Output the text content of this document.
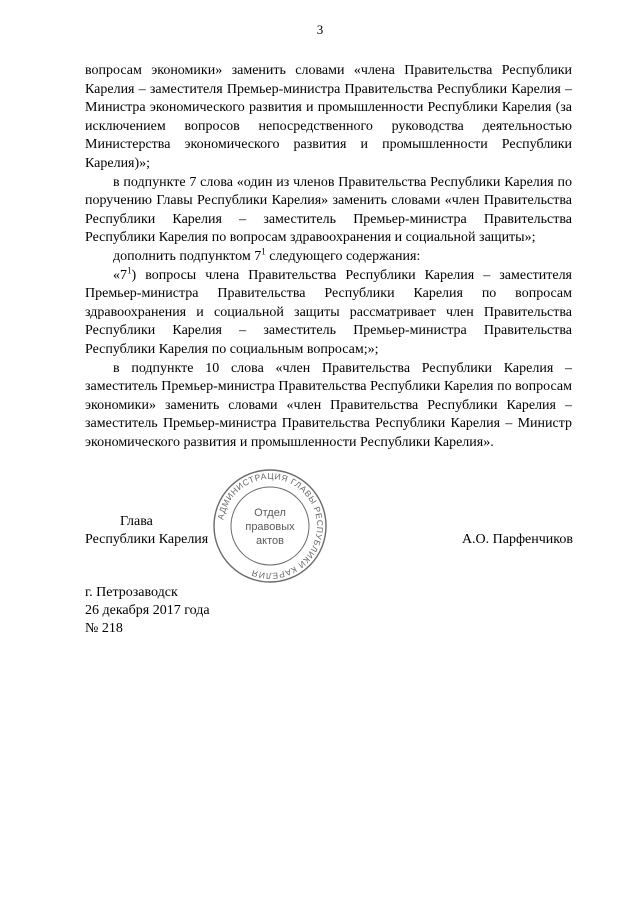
3

вопросам экономики» заменить словами «члена Правительства Республики Карелия – заместителя Премьер-министра Правительства Республики Карелия – Министра экономического развития и промышленности Республики Карелия (за исключением вопросов непосредственного руководства деятельностью Министерства экономического развития и промышленности Республики Карелия)»;

в подпункте 7 слова «один из членов Правительства Республики Карелия по поручению Главы Республики Карелия» заменить словами «член Правительства Республики Карелия – заместитель Премьер-министра Правительства Республики Карелия по вопросам здравоохранения и социальной защиты»;

дополнить подпунктом $7^1$ следующего содержания:

«$7^1$) вопросы члена Правительства Республики Карелия – заместителя Премьер-министра Правительства Республики Карелия по вопросам здравоохранения и социальной защиты рассматривает член Правительства Республики Карелия – заместитель Премьер-министра Правительства Республики Карелия по социальным вопросам;»;

в подпункте 10 слова «член Правительства Республики Карелия – заместитель Премьер-министра Правительства Республики Карелия по вопросам экономики» заменить словами «член Правительства Республики Карелия – заместитель Премьер-министра Правительства Республики Карелия – Министр экономического развития и промышленности Республики Карелия».

Глава
Республики Карелия	А.О. Парфенчиков
АДМИНИСТРАЦИЯ ГЛАВЫ РЕСПУБЛИКИ КАРЕЛИЯ
Отдел
правовых
актов
г. Петрозаводск
26 декабря 2017 года
№ 218
